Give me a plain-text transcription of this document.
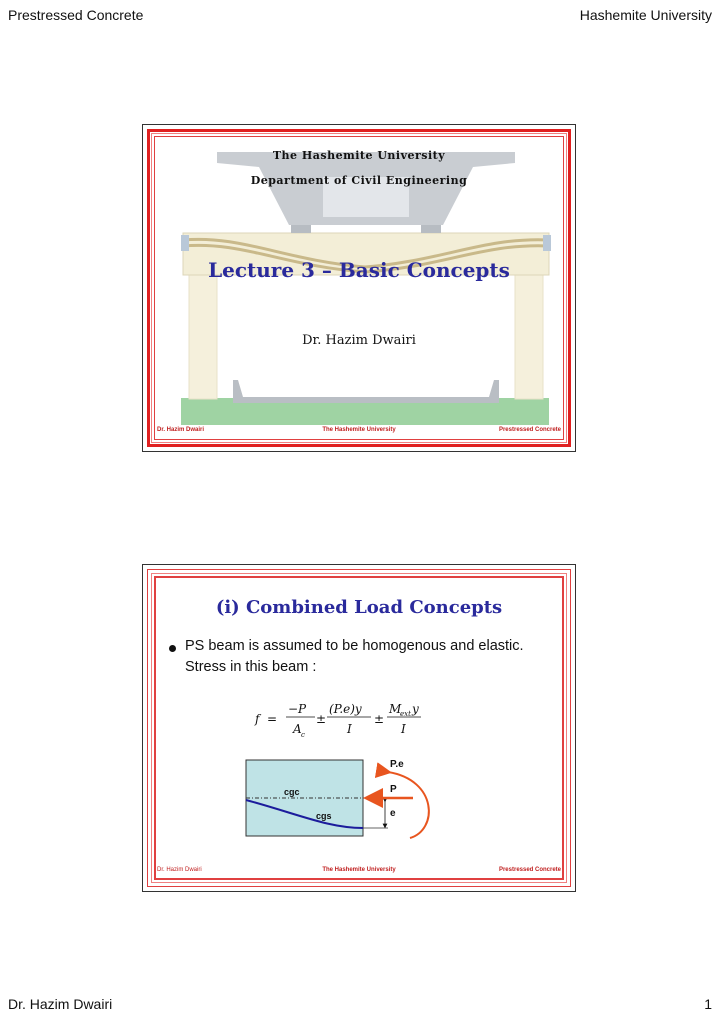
Prestressed Concrete	Hashemite University
The Hashemite University
Department of Civil Engineering
Lecture 3 – Basic Concepts
Dr. Hazim Dwairi
Dr. Hazim Dwairi	The Hashemite University	Prestressed Concrete
(i) Combined Load Concepts
PS beam is assumed to be homogenous and elastic. Stress in this beam :
f =
−P
A c
±
(P.e)y
I
±
M
ext y
I
P.e
P
e
cgc
cgs
Dr. Hazim Dwairi	The Hashemite University	Prestressed Concrete
Dr. Hazim Dwairi	1
